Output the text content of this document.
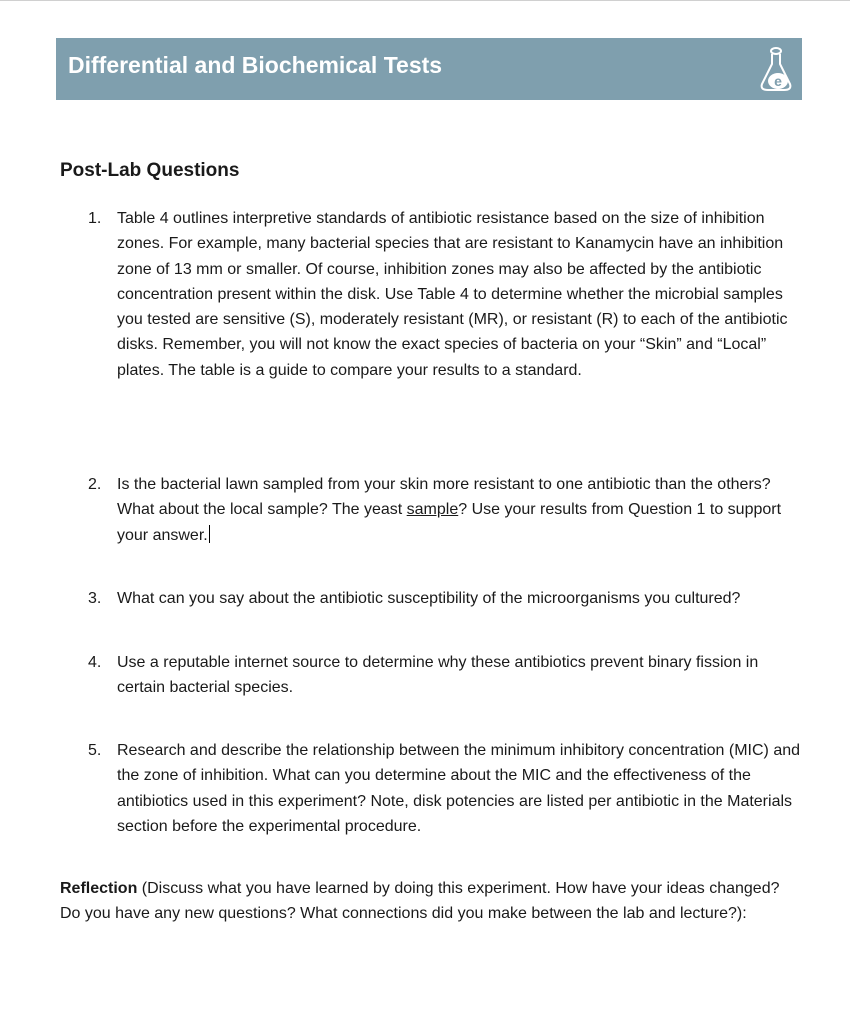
Differential and Biochemical Tests
e
Post-Lab Questions
1. Table 4 outlines interpretive standards of antibiotic resistance based on the size of inhibition zones. For example, many bacterial species that are resistant to Kanamycin have an inhibition zone of 13 mm or smaller. Of course, inhibition zones may also be affected by the antibiotic concentration present within the disk. Use Table 4 to determine whether the microbial samples you tested are sensitive (S), moderately resistant (MR), or resistant (R) to each of the antibiotic disks. Remember, you will not know the exact species of bacteria on your “Skin” and “Local” plates. The table is a guide to compare your results to a standard.
2. Is the bacterial lawn sampled from your skin more resistant to one antibiotic than the others? What about the local sample? The yeast sample? Use your results from Question 1 to support your answer.
3. What can you say about the antibiotic susceptibility of the microorganisms you cultured?
4. Use a reputable internet source to determine why these antibiotics prevent binary fission in certain bacterial species.
5. Research and describe the relationship between the minimum inhibitory concentration (MIC) and the zone of inhibition. What can you determine about the MIC and the effectiveness of the antibiotics used in this experiment? Note, disk potencies are listed per antibiotic in the Materials section before the experimental procedure.
Reflection (Discuss what you have learned by doing this experiment. How have your ideas changed? Do you have any new questions? What connections did you make between the lab and lecture?):
